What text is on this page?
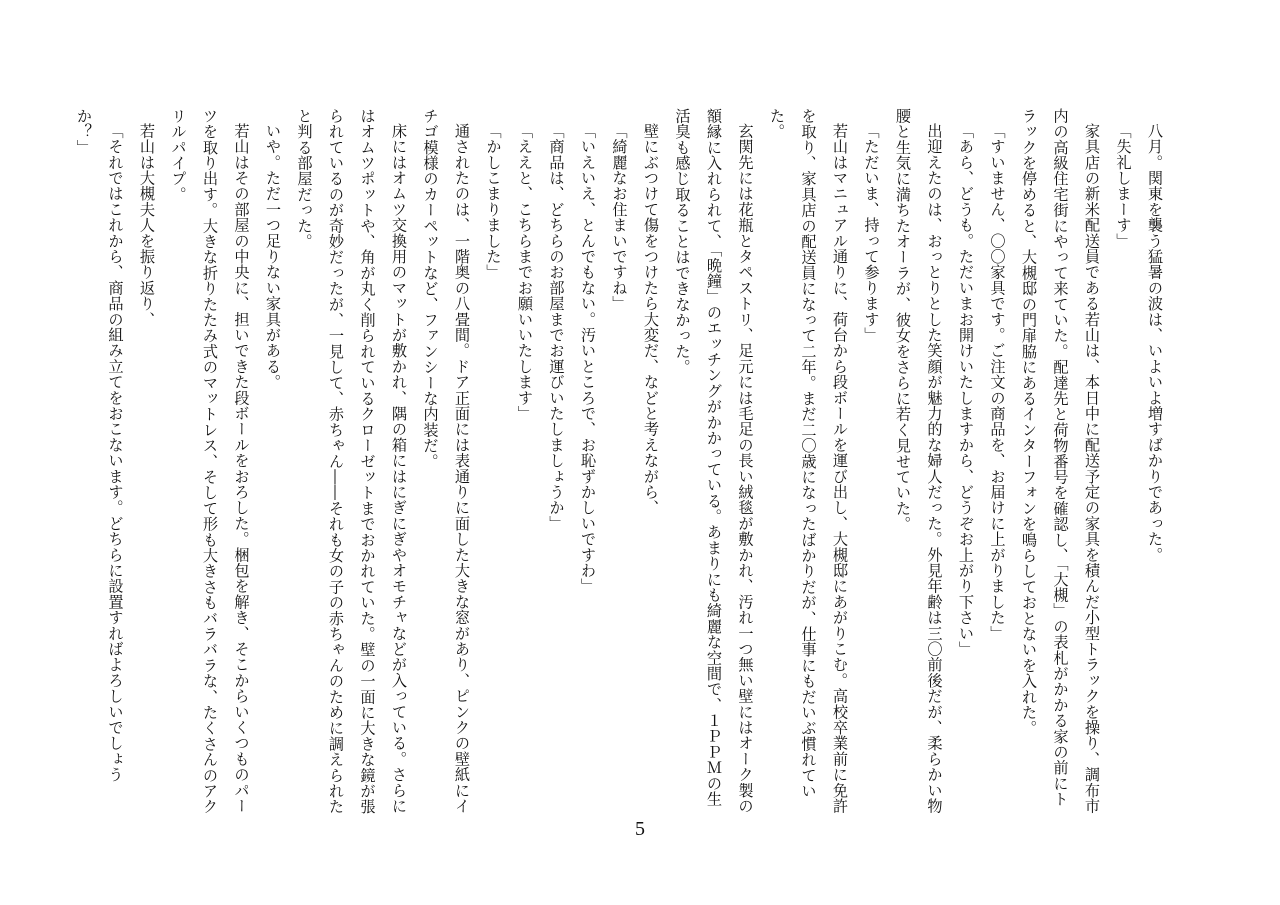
八月。関東を襲う猛暑の波は、いよいよ増すばかりであった。

「失礼しまーす」

家具店の新米配送員である若山は、本日中に配送予定の家具を積んだ小型トラックを操り、調布市内の高級住宅街にやって来ていた。配達先と荷物番号を確認し、「大槻」の表札がかかる家の前にトラックを停めると、大槻邸の門扉脇にあるインターフォンを鳴らしておとないを入れた。

「すいません、〇〇家具です。ご注文の商品を、お届けに上がりました」

「あら、どうも。ただいまお開けいたしますから、どうぞお上がり下さい」

出迎えたのは、おっとりとした笑顔が魅力的な婦人だった。外見年齢は三〇前後だが、柔らかい物腰と生気に満ちたオーラが、彼女をさらに若く見せていた。

「ただいま、持って参ります」

若山はマニュアル通りに、荷台から段ボールを運び出し、大槻邸にあがりこむ。高校卒業前に免許を取り、家具店の配送員になって二年。まだ二〇歳になったばかりだが、仕事にもだいぶ慣れていた。

玄関先には花瓶とタペストリ、足元には毛足の長い絨毯が敷かれ、汚れ一つ無い壁にはオーク製の額縁に入れられて、「晩鐘」のエッチングがかかっている。あまりにも綺麗な空間で、１ＰＰＭの生活臭も感じ取ることはできなかった。

壁にぶつけて傷をつけたら大変だ、などと考えながら、

「綺麗なお住まいですね」

「いえいえ、とんでもない。汚いところで、お恥ずかしいですわ」

「商品は、どちらのお部屋までお運びいたしましょうか」

「ええと、こちらまでお願いいたします」

「かしこまりました」

通されたのは、一階奥の八畳間。ドア正面には表通りに面した大きな窓があり、ピンクの壁紙にイチゴ模様のカーペットなど、ファンシーな内装だ。

床にはオムツ交換用のマットが敷かれ、隅の箱にはにぎにぎやオモチャなどが入っている。さらにはオムツポットや、角が丸く削られているクローゼットまでおかれていた。壁の一面に大きな鏡が張られているのが奇妙だったが、一見して、赤ちゃん――それも女の子の赤ちゃんのために調えられたと判る部屋だった。

いや。ただ一つ足りない家具がある。

若山はその部屋の中央に、担いできた段ボールをおろした。梱包を解き、そこからいくつものパーツを取り出す。大きな折りたたみ式のマットレス、そして形も大きさもバラバラな、たくさんのアクリルパイプ。

若山は大槻夫人を振り返り、

「それではこれから、商品の組み立てをおこないます。どちらに設置すればよろしいでしょうか？」

5
